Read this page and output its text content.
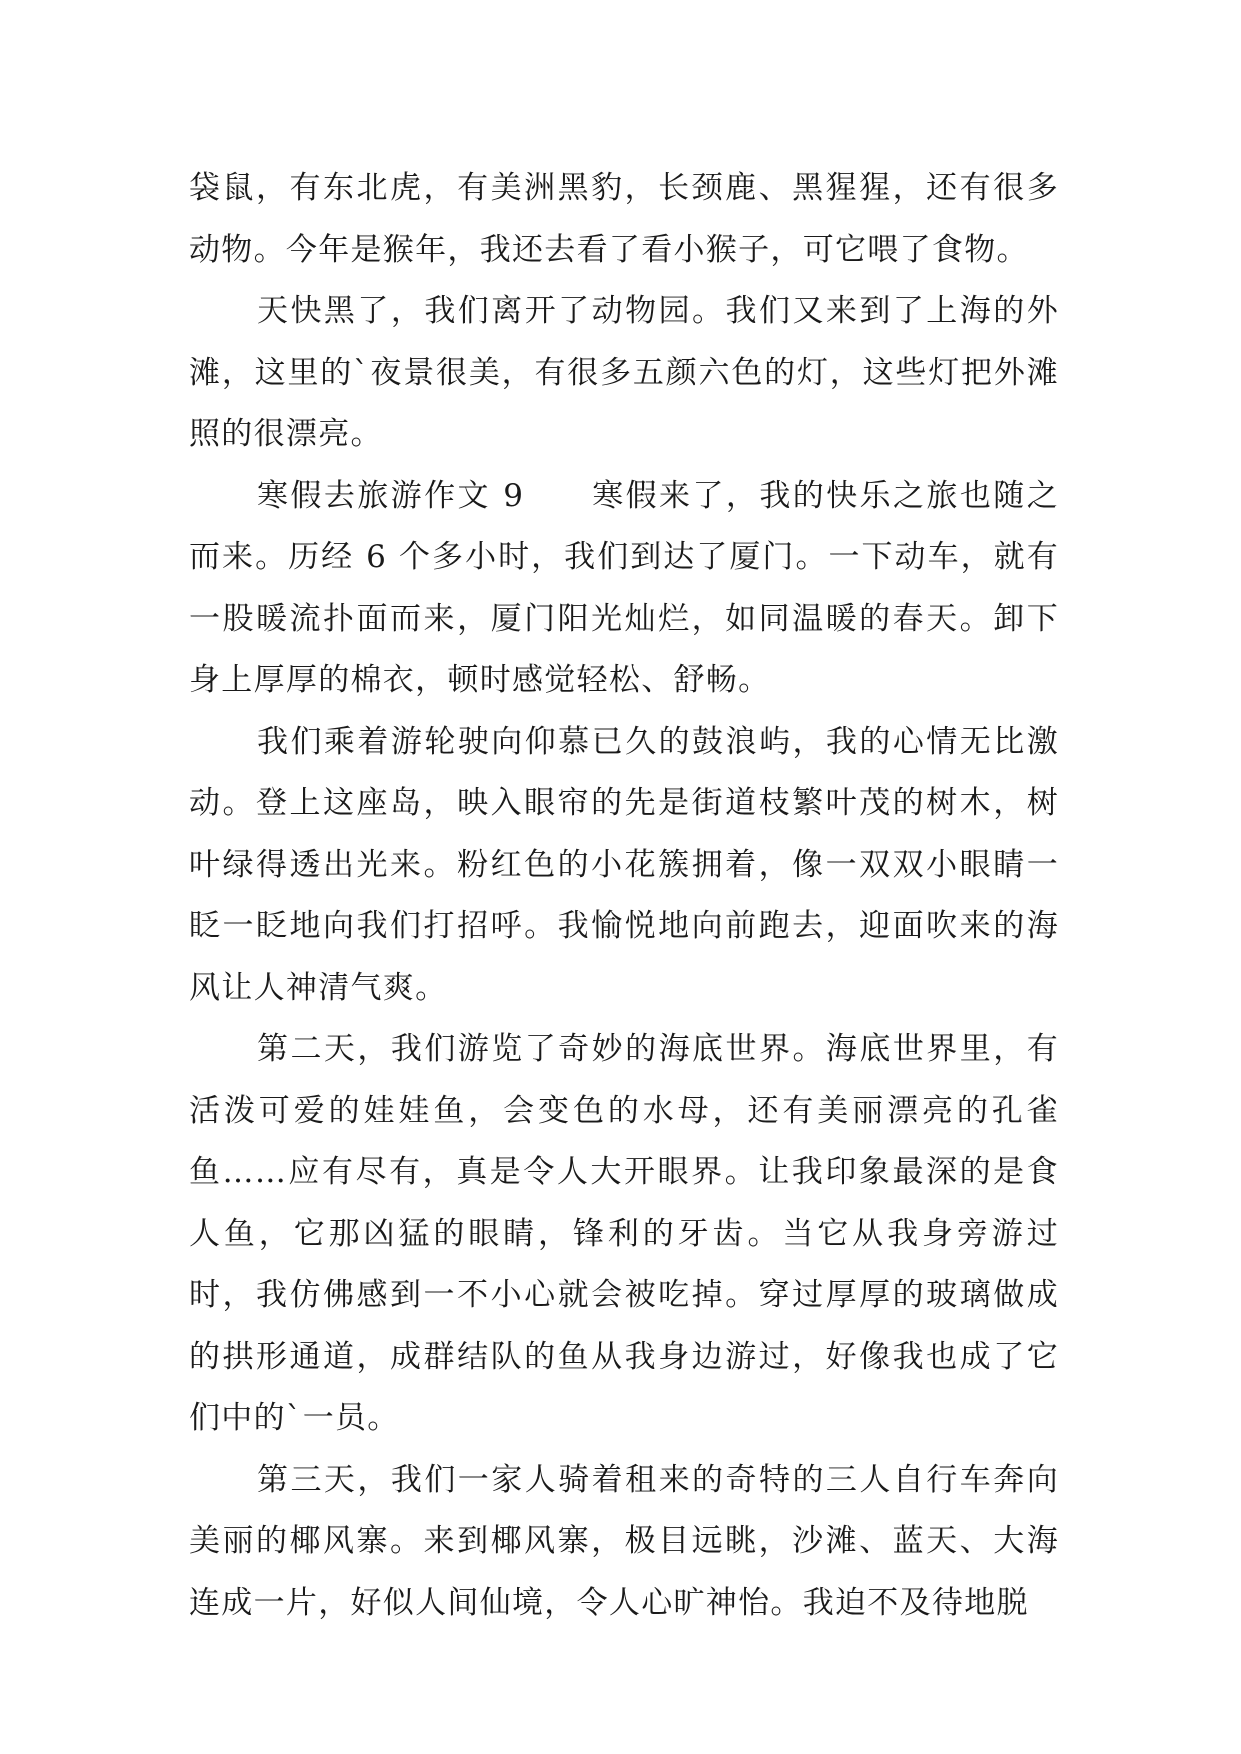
袋鼠，有东北虎，有美洲黑豹，长颈鹿、黑猩猩，还有很多动物。今年是猴年，我还去看了看小猴子，可它喂了食物。

天快黑了，我们离开了动物园。我们又来到了上海的外滩，这里的`夜景很美，有很多五颜六色的灯，这些灯把外滩照的很漂亮。

寒假去旅游作文 9　　寒假来了，我的快乐之旅也随之而来。历经 6 个多小时，我们到达了厦门。一下动车，就有一股暖流扑面而来，厦门阳光灿烂，如同温暖的春天。卸下身上厚厚的棉衣，顿时感觉轻松、舒畅。

我们乘着游轮驶向仰慕已久的鼓浪屿，我的心情无比激动。登上这座岛，映入眼帘的先是街道枝繁叶茂的树木，树叶绿得透出光来。粉红色的小花簇拥着，像一双双小眼睛一眨一眨地向我们打招呼。我愉悦地向前跑去，迎面吹来的海风让人神清气爽。

第二天，我们游览了奇妙的海底世界。海底世界里，有活泼可爱的娃娃鱼，会变色的水母，还有美丽漂亮的孔雀鱼……应有尽有，真是令人大开眼界。让我印象最深的是食人鱼，它那凶猛的眼睛，锋利的牙齿。当它从我身旁游过时，我仿佛感到一不小心就会被吃掉。穿过厚厚的玻璃做成的拱形通道，成群结队的鱼从我身边游过，好像我也成了它们中的`一员。

第三天，我们一家人骑着租来的奇特的三人自行车奔向美丽的椰风寨。来到椰风寨，极目远眺，沙滩、蓝天、大海连成一片，好似人间仙境，令人心旷神怡。我迫不及待地脱
